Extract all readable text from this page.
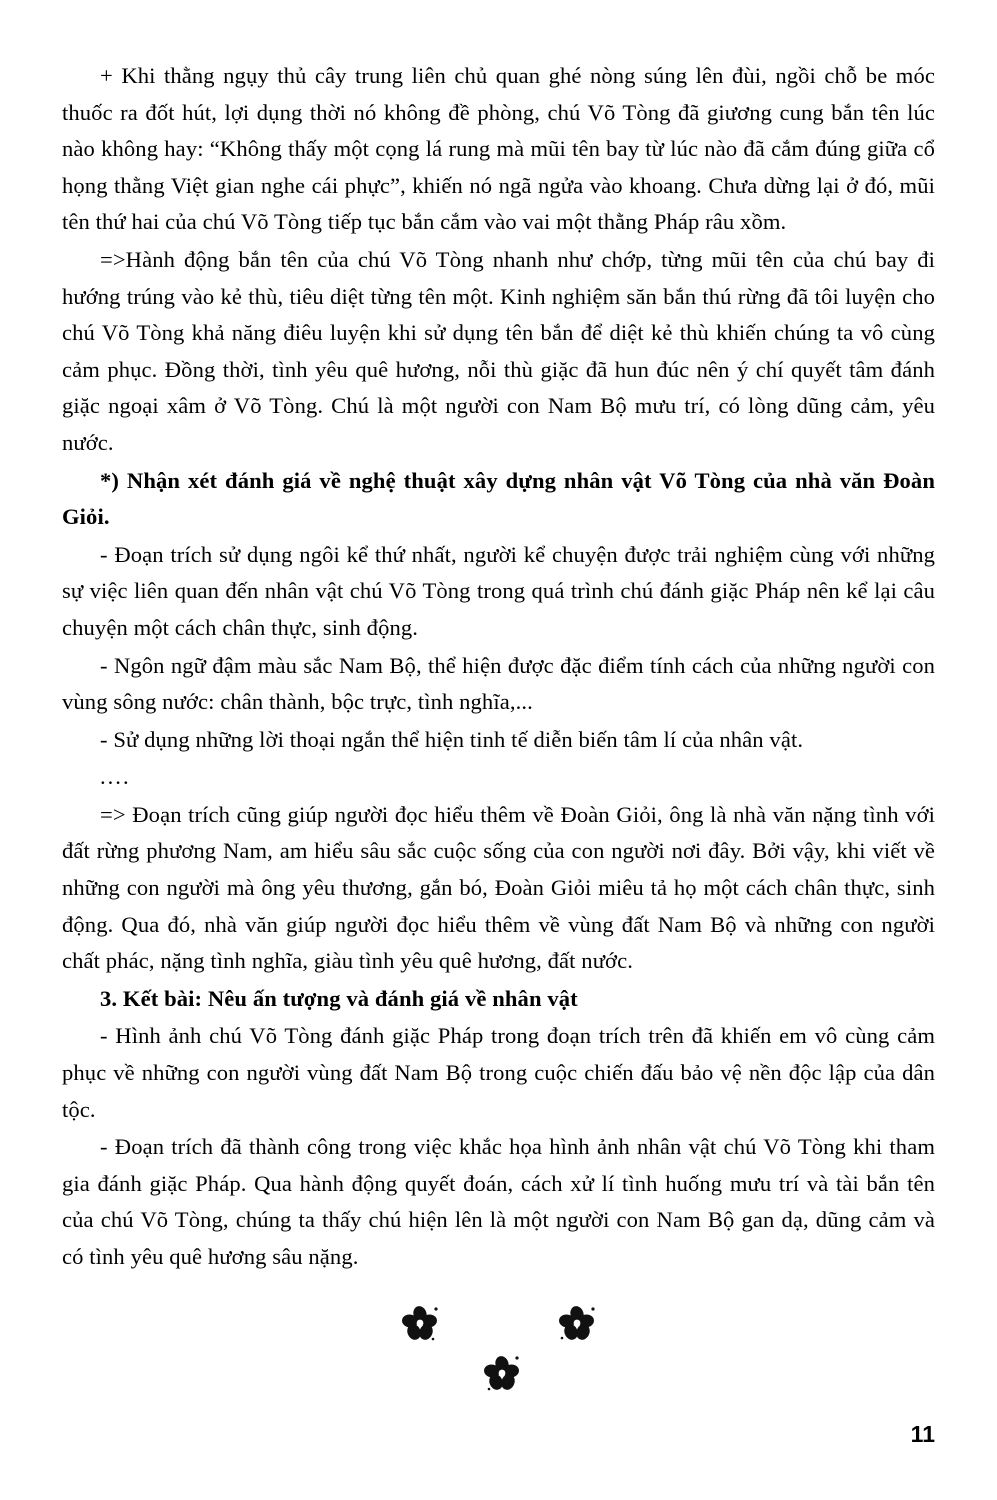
+ Khi thằng ngụy thủ cây trung liên chủ quan ghé nòng súng lên đùi, ngồi chỗ be móc thuốc ra đốt hút, lợi dụng thời nó không đề phòng, chú Võ Tòng đã giương cung bắn tên lúc nào không hay: “Không thấy một cọng lá rung mà mũi tên bay từ lúc nào đã cắm đúng giữa cổ họng thằng Việt gian nghe cái phực”, khiến nó ngã ngửa vào khoang. Chưa dừng lại ở đó, mũi tên thứ hai của chú Võ Tòng tiếp tục bắn cắm vào vai một thằng Pháp râu xồm.

=>Hành động bắn tên của chú Võ Tòng nhanh như chớp, từng mũi tên của chú bay đi hướng trúng vào kẻ thù, tiêu diệt từng tên một. Kinh nghiệm săn bắn thú rừng đã tôi luyện cho chú Võ Tòng khả năng điêu luyện khi sử dụng tên bắn để diệt kẻ thù khiến chúng ta vô cùng cảm phục. Đồng thời, tình yêu quê hương, nỗi thù giặc đã hun đúc nên ý chí quyết tâm đánh giặc ngoại xâm ở Võ Tòng. Chú là một người con Nam Bộ mưu trí, có lòng dũng cảm, yêu nước.

*) Nhận xét đánh giá về nghệ thuật xây dựng nhân vật Võ Tòng của nhà văn Đoàn Giỏi.

- Đoạn trích sử dụng ngôi kể thứ nhất, người kể chuyện được trải nghiệm cùng với những sự việc liên quan đến nhân vật chú Võ Tòng trong quá trình chú đánh giặc Pháp nên kể lại câu chuyện một cách chân thực, sinh động.

- Ngôn ngữ đậm màu sắc Nam Bộ, thể hiện được đặc điểm tính cách của những người con vùng sông nước: chân thành, bộc trực, tình nghĩa,...

- Sử dụng những lời thoại ngắn thể hiện tinh tế diễn biến tâm lí của nhân vật.

....

=> Đoạn trích cũng giúp người đọc hiểu thêm về Đoàn Giỏi, ông là nhà văn nặng tình với đất rừng phương Nam, am hiểu sâu sắc cuộc sống của con người nơi đây. Bởi vậy, khi viết về những con người mà ông yêu thương, gắn bó, Đoàn Giỏi miêu tả họ một cách chân thực, sinh động. Qua đó, nhà văn giúp người đọc hiểu thêm về vùng đất Nam Bộ và những con người chất phác, nặng tình nghĩa, giàu tình yêu quê hương, đất nước.

3. Kết bài: Nêu ấn tượng và đánh giá về nhân vật

- Hình ảnh chú Võ Tòng đánh giặc Pháp trong đoạn trích trên đã khiến em vô cùng cảm phục về những con người vùng đất Nam Bộ trong cuộc chiến đấu bảo vệ nền độc lập của dân tộc.

- Đoạn trích đã thành công trong việc khắc họa hình ảnh nhân vật chú Võ Tòng khi tham gia đánh giặc Pháp. Qua hành động quyết đoán, cách xử lí tình huống mưu trí và tài bắn tên của chú Võ Tòng, chúng ta thấy chú hiện lên là một người con Nam Bộ gan dạ, dũng cảm và có tình yêu quê hương sâu nặng.

11
